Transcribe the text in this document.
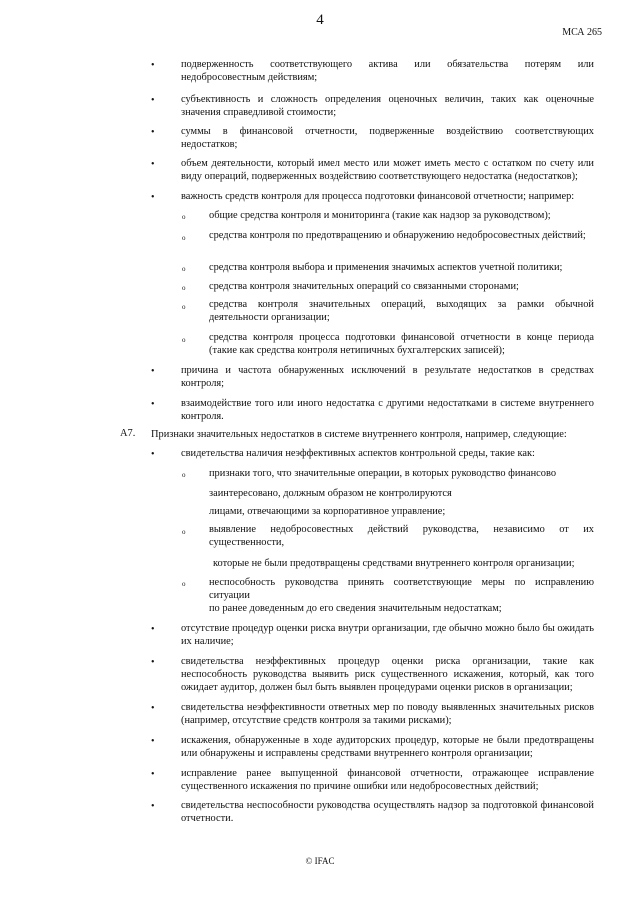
4
МСА 265
•	подверженность соответствующего актива или обязательства потерям или недобросовестным действиям;
•	субъективность и сложность определения оценочных величин, таких как оценочные значения справедливой стоимости;
•	суммы в финансовой отчетности, подверженные воздействию соответствующих недостатков;
•	объем деятельности, который имел место или может иметь место с остатком по счету или виду операций, подверженных воздействию соответствующего недостатка (недостатков);
•	важность средств контроля для процесса подготовки финансовой отчетности; например:
o общие средства контроля и мониторинга (такие как надзор за руководством);
o средства контроля по предотвращению и обнаружению недобросовестных действий;
o средства контроля выбора и применения значимых аспектов учетной политики;
o средства контроля значительных операций со связанными сторонами;
o средства контроля значительных операций, выходящих за рамки обычной деятельности организации;
o средства контроля процесса подготовки финансовой отчетности в конце периода (такие как средства контроля нетипичных бухгалтерских записей);
•	причина и частота обнаруженных исключений в результате недостатков в средствах контроля;
•	взаимодействие того или иного недостатка с другими недостатками в системе внутреннего контроля.
A7. Признаки значительных недостатков в системе внутреннего контроля, например, следующие:
•	свидетельства наличия неэффективных аспектов контрольной среды, такие как:
o признаки того, что значительные операции, в которых руководство финансово
заинтересовано, должным образом не контролируются
лицами, отвечающими за корпоративное управление;
o выявление недобросовестных действий руководства, независимо от их существенности,
которые не были предотвращены средствами внутреннего контроля организации;
o неспособность руководства принять соответствующие меры по исправлению ситуации
по ранее доведенным до его сведения значительным недостаткам;
•	отсутствие процедур оценки риска внутри организации, где обычно можно было бы ожидать их наличие;
•	свидетельства неэффективных процедур оценки риска организации, такие как неспособность руководства выявить риск существенного искажения, который, как того ожидает аудитор, должен был быть выявлен процедурами оценки рисков в организации;
•	свидетельства неэффективности ответных мер по поводу выявленных значительных рисков (например, отсутствие средств контроля за такими рисками);
•	искажения, обнаруженные в ходе аудиторских процедур, которые не были предотвращены или обнаружены и исправлены средствами внутреннего контроля организации;
•	исправление ранее выпущенной финансовой отчетности, отражающее исправление существенного искажения по причине ошибки или недобросовестных действий;
•	свидетельства неспособности руководства осуществлять надзор за подготовкой финансовой отчетности.
© IFAC
